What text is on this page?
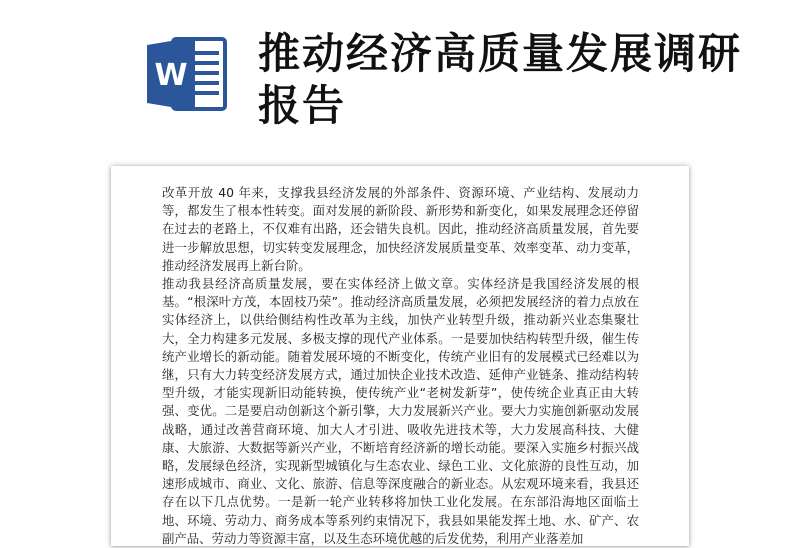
W 推动经济高质量发展调研报告

改革开放 40 年来，支撑我县经济发展的外部条件、资源环境、产业结构、发展动力等，都发生了根本性转变。面对发展的新阶段、新形势和新变化，如果发展理念还停留在过去的老路上，不仅难有出路，还会错失良机。因此，推动经济高质量发展，首先要进一步解放思想，切实转变发展理念，加快经济发展质量变革、效率变革、动力变革，推动经济发展再上新台阶。

推动我县经济高质量发展，要在实体经济上做文章。实体经济是我国经济发展的根基。“根深叶方茂，本固枝乃荣”。推动经济高质量发展，必须把发展经济的着力点放在实体经济上，以供给侧结构性改革为主线，加快产业转型升级，推动新兴业态集聚壮大，全力构建多元发展、多极支撑的现代产业体系。一是要加快结构转型升级，催生传统产业增长的新动能。随着发展环境的不断变化，传统产业旧有的发展模式已经难以为继，只有大力转变经济发展方式，通过加快企业技术改造、延伸产业链条、推动结构转型升级，才能实现新旧动能转换，使传统产业“老树发新芽”，使传统企业真正由大转强、变优。二是要启动创新这个新引擎，大力发展新兴产业。要大力实施创新驱动发展战略，通过改善营商环境、加大人才引进、吸收先进技术等，大力发展高科技、大健康、大旅游、大数据等新兴产业，不断培育经济新的增长动能。要深入实施乡村振兴战略，发展绿色经济，实现新型城镇化与生态农业、绿色工业、文化旅游的良性互动，加速形成城市、商业、文化、旅游、信息等深度融合的新业态。从宏观环境来看，我县还存在以下几点优势。一是新一轮产业转移将加快工业化发展。在东部沿海地区面临土地、环境、劳动力、商务成本等系列约束情况下，我县如果能发挥土地、水、矿产、农副产品、劳动力等资源丰富，以及生态环境优越的后发优势，利用产业落差加
